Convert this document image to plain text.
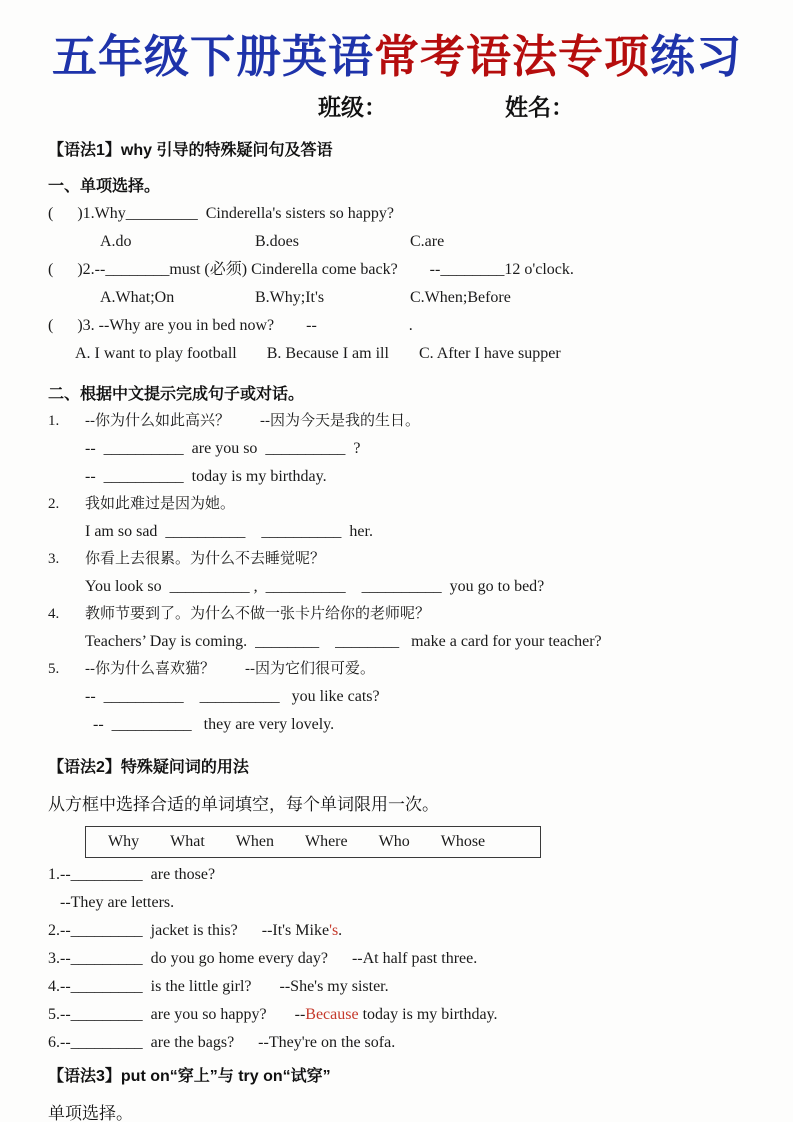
五年级下册英语常考语法专项练习
班级：	姓名：
【语法1】why 引导的特殊疑问句及答语
一、单项选择。
(      )1.Why_________  Cinderella's sisters so happy?
A.do	B.does	C.are
(      )2.--________must (必须) Cinderella come back?        --________12 o'clock.
A.What;On	B.Why;It's	C.When;Before
(      )3. --Why are you in bed now?        --                       .
A. I want to play football B. Because I am ill C. After I have supper
二、根据中文提示完成句子或对话。
1. --你为什么如此高兴？        --因为今天是我的生日。
--  __________  are you so  __________  ?
--  __________  today is my birthday.
2. 我如此难过是因为她。
I am so sad  __________    __________  her.
3. 你看上去很累。为什么不去睡觉呢？
You look so  __________ ,  __________    __________  you go to bed?
4. 教师节要到了。为什么不做一张卡片给你的老师呢？
Teachers’ Day is coming.  ________    ________   make a card for your teacher?
5. --你为什么喜欢猫？        --因为它们很可爱。
--  __________    __________   you like cats?
--  __________   they are very lovely.
【语法2】特殊疑问词的用法
从方框中选择合适的单词填空，每个单词限用一次。
Why What When Where Who Whose
1.--_________  are those?
--They are letters.
2.--_________  jacket is this?      --It's Mike's.
3.--_________  do you go home every day?      --At half past three.
4.--_________  is the little girl?       --She's my sister.
5.--_________  are you so happy?       --Because today is my birthday.
6.--_________  are the bags?      --They're on the sofa.
【语法3】put on“穿上”与 try on“试穿”
单项选择。
